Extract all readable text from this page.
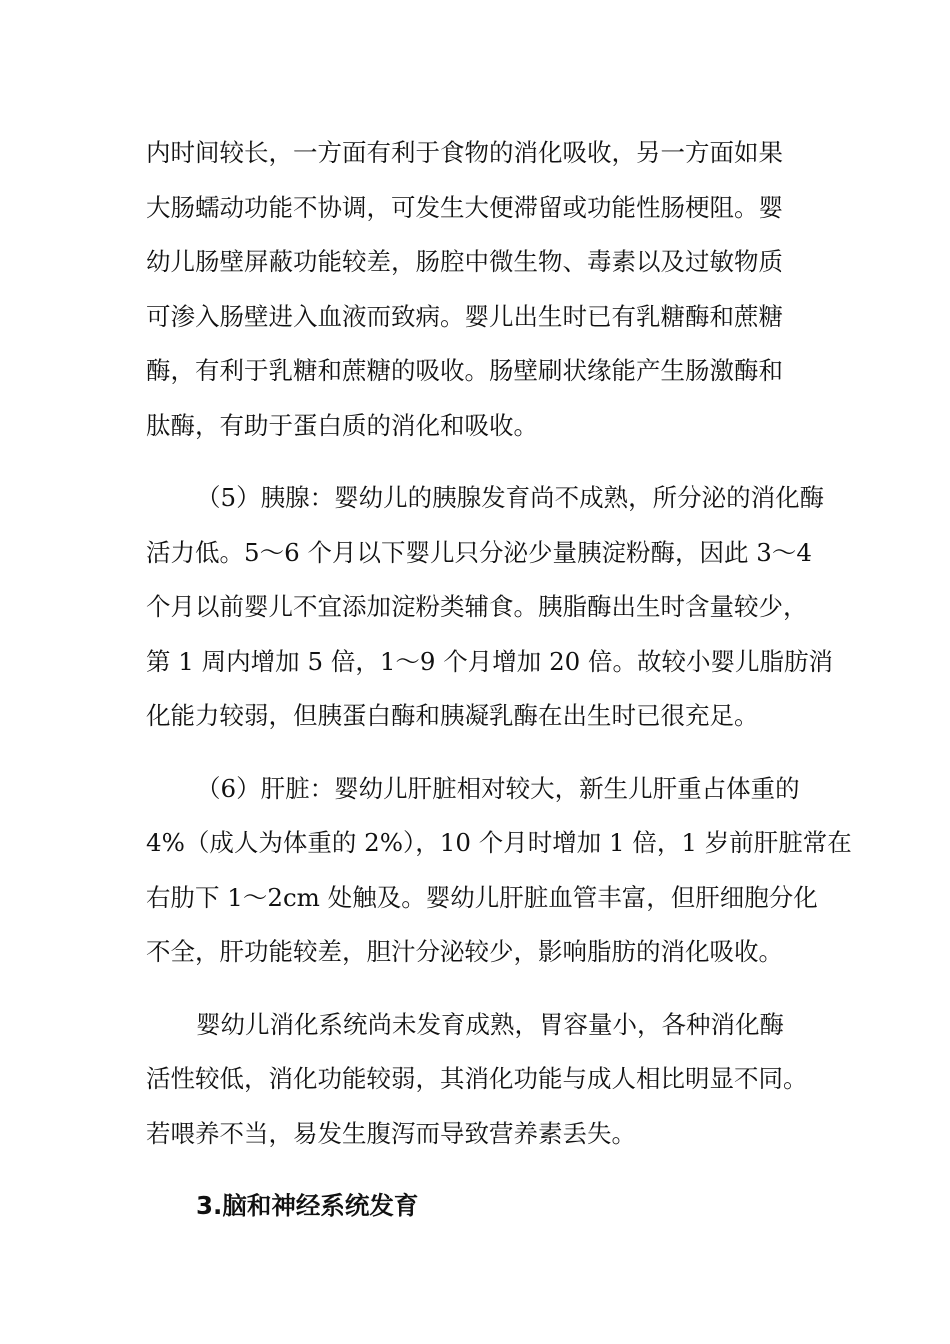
内时间较长，一方面有利于食物的消化吸收，另一方面如果
大肠蠕动功能不协调，可发生大便滞留或功能性肠梗阻。婴
幼儿肠壁屏蔽功能较差，肠腔中微生物、毒素以及过敏物质
可渗入肠壁进入血液而致病。婴儿出生时已有乳糖酶和蔗糖
酶，有利于乳糖和蔗糖的吸收。肠壁刷状缘能产生肠激酶和
肽酶，有助于蛋白质的消化和吸收。
（5）胰腺：婴幼儿的胰腺发育尚不成熟，所分泌的消化酶
活力低。5～6 个月以下婴儿只分泌少量胰淀粉酶，因此 3～4
个月以前婴儿不宜添加淀粉类辅食。胰脂酶出生时含量较少，
第 1 周内增加 5 倍，1～9 个月增加 20 倍。故较小婴儿脂肪消
化能力较弱，但胰蛋白酶和胰凝乳酶在出生时已很充足。
（6）肝脏：婴幼儿肝脏相对较大，新生儿肝重占体重的
4%（成人为体重的 2%），10 个月时增加 1 倍，1 岁前肝脏常在
右肋下 1～2cm 处触及。婴幼儿肝脏血管丰富，但肝细胞分化
不全，肝功能较差，胆汁分泌较少，影响脂肪的消化吸收。
婴幼儿消化系统尚未发育成熟，胃容量小，各种消化酶
活性较低，消化功能较弱，其消化功能与成人相比明显不同。
若喂养不当，易发生腹泻而导致营养素丢失。
3.脑和神经系统发育
